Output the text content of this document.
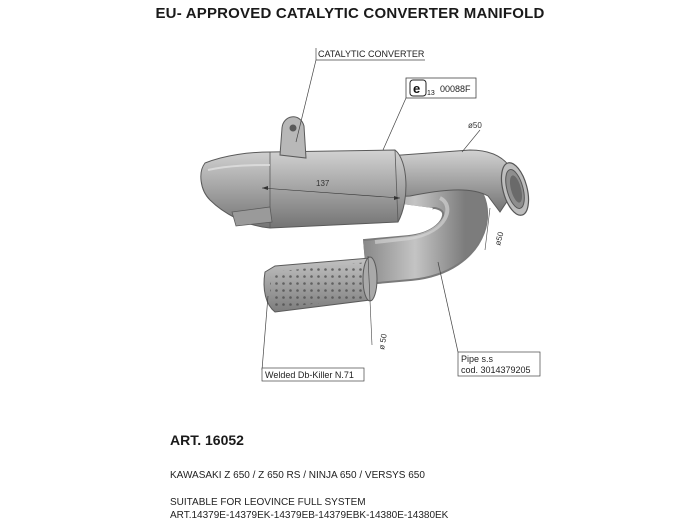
EU- APPROVED CATALYTIC CONVERTER MANIFOLD
137
CATALYTIC CONVERTER
e 13 00088F
ø50
ø50
ø 50
Welded Db-Killer N.71
Pipe s.s
cod. 3014379205
ART. 16052
KAWASAKI Z 650 / Z 650 RS / NINJA 650 / VERSYS 650
SUITABLE FOR LEOVINCE FULL SYSTEM
ART.14379E-14379EK-14379EB-14379EBK-14380E-14380EK
